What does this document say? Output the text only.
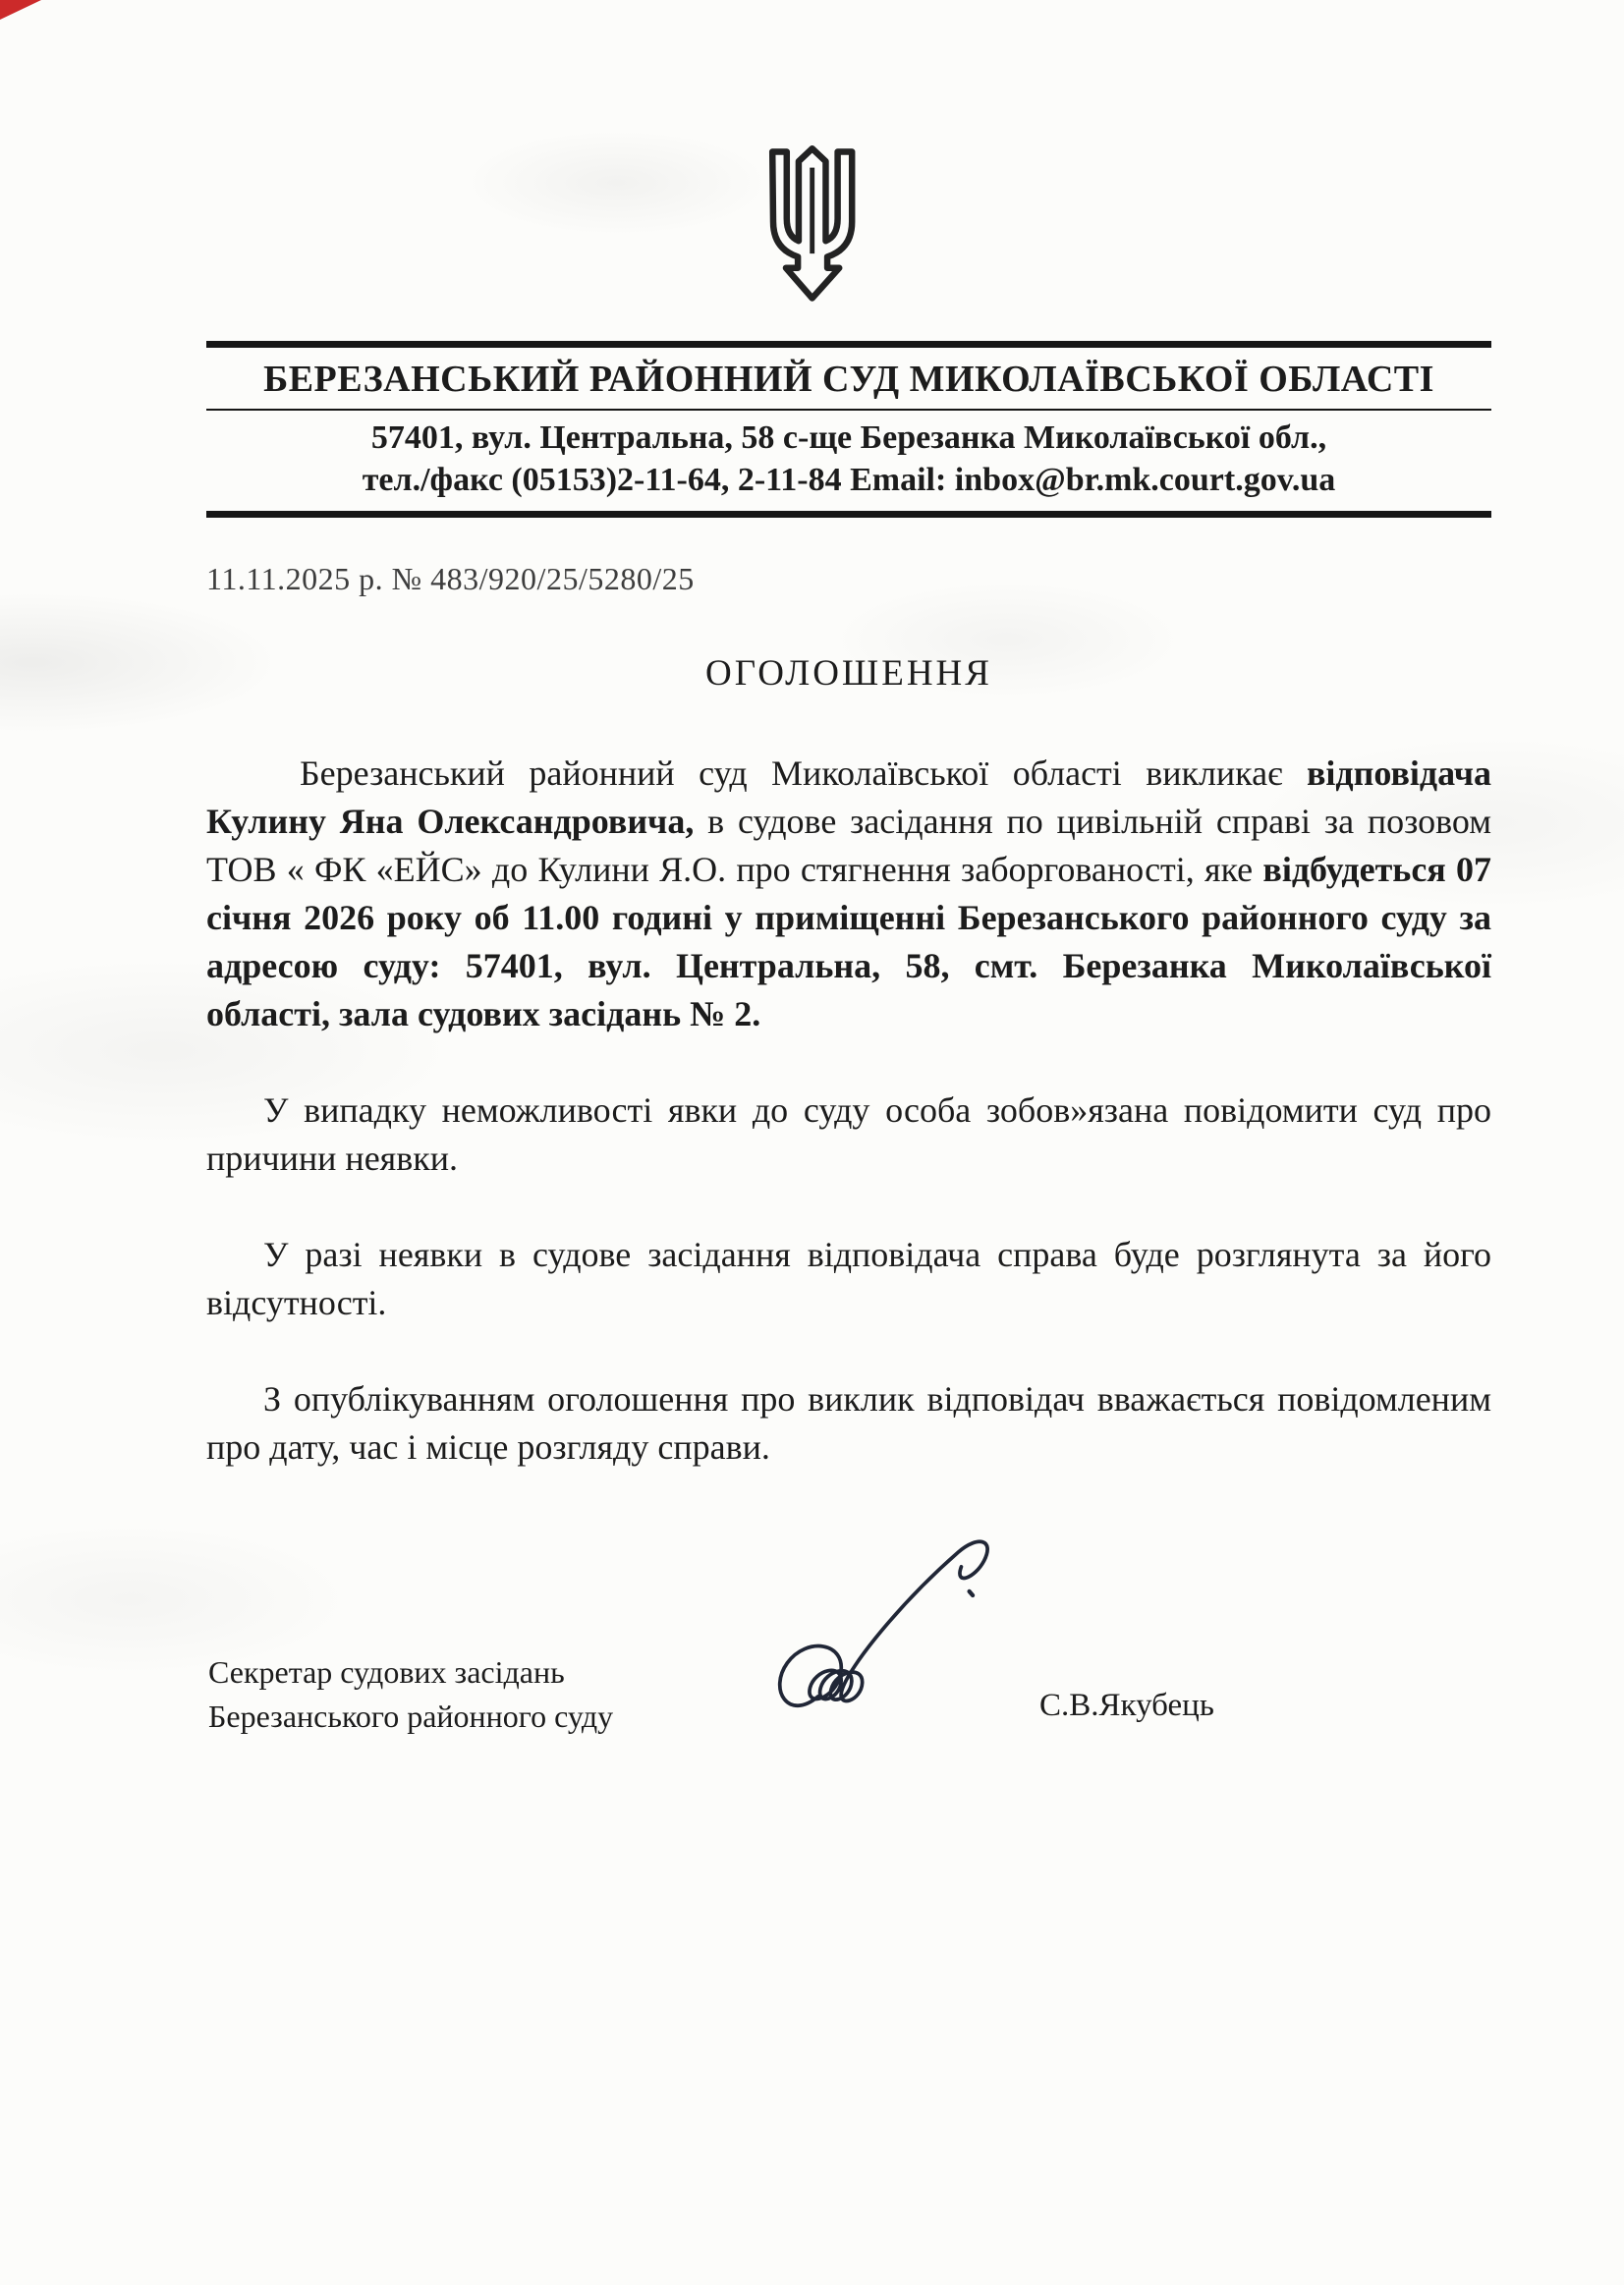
БЕРЕЗАНСЬКИЙ РАЙОННИЙ СУД МИКОЛАЇВСЬКОЇ ОБЛАСТІ
57401, вул. Центральна, 58 с-ще Березанка Миколаївської обл.,
тел./факс (05153)2-11-64, 2-11-84 Email: inbox@br.mk.court.gov.ua
11.11.2025 р. № 483/920/25/5280/25
ОГОЛОШЕННЯ

Березанський районний суд Миколаївської області викликає відповідача Кулину Яна Олександровича, в судове засідання по цивільній справі за позовом ТОВ « ФК «ЕЙС» до Кулини Я.О. про стягнення заборгованості, яке відбудеться 07 січня 2026 року об 11.00 годині у приміщенні Березанського районного суду за адресою суду: 57401, вул. Центральна, 58, смт. Березанка Миколаївської області, зала судових засідань № 2.

У випадку неможливості явки до суду особа зобов»язана повідомити суд про причини неявки.

У разі неявки в судове засідання відповідача справа буде розглянута за його відсутності.

З опублікуванням оголошення про виклик відповідач вважається повідомленим про дату, час і місце розгляду справи.

Секретар судових засідань
Березанського районного суду	С.В.Якубець
